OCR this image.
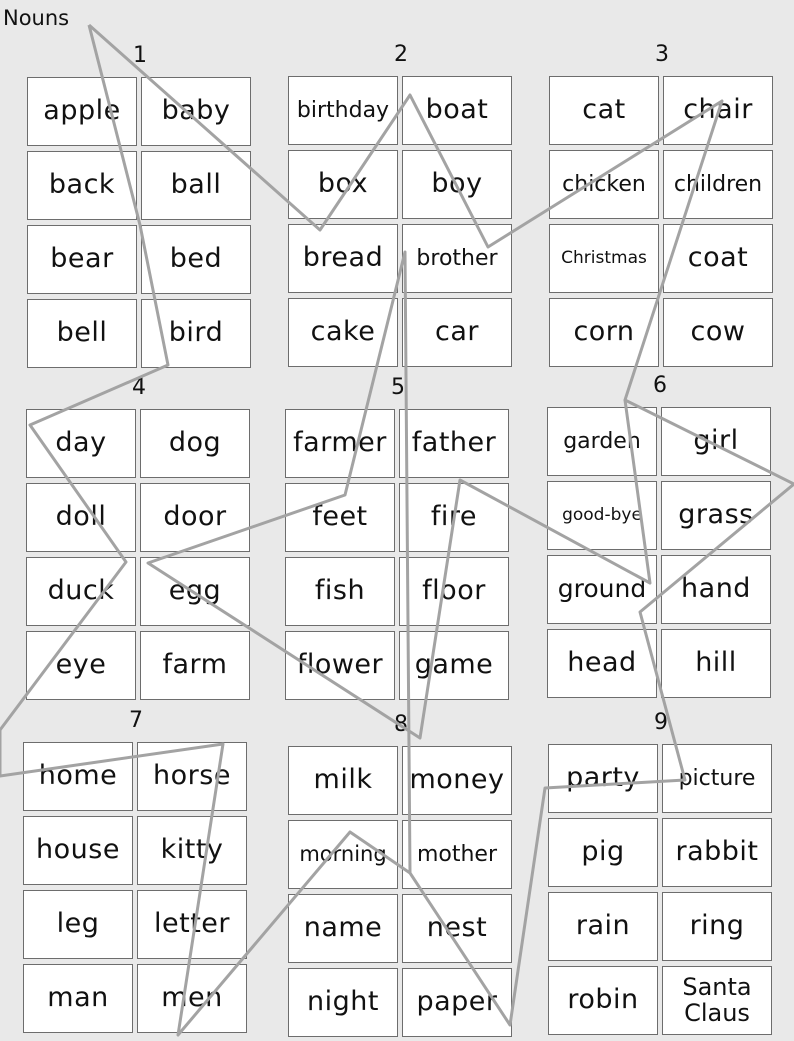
Nouns
1
apple	baby
back	ball
bear	bed
bell	bird
2
birthday	boat
box	boy
bread	brother
cake	car
3
cat	chair
chicken	children
Christmas	coat
corn	cow
4
day	dog
doll	door
duck	egg
eye	farm
5
farmer father
feet	fire
fish	floor
flower	game
6
garden	girl
good-bye	grass
ground	hand
head	hill
7
home	horse
house	kitty
leg	letter
man	men
8
milk	money
morning	mother
name	nest
night	paper
9
party	picture
pig	rabbit
rain	ring
robin	Santa
Claus
